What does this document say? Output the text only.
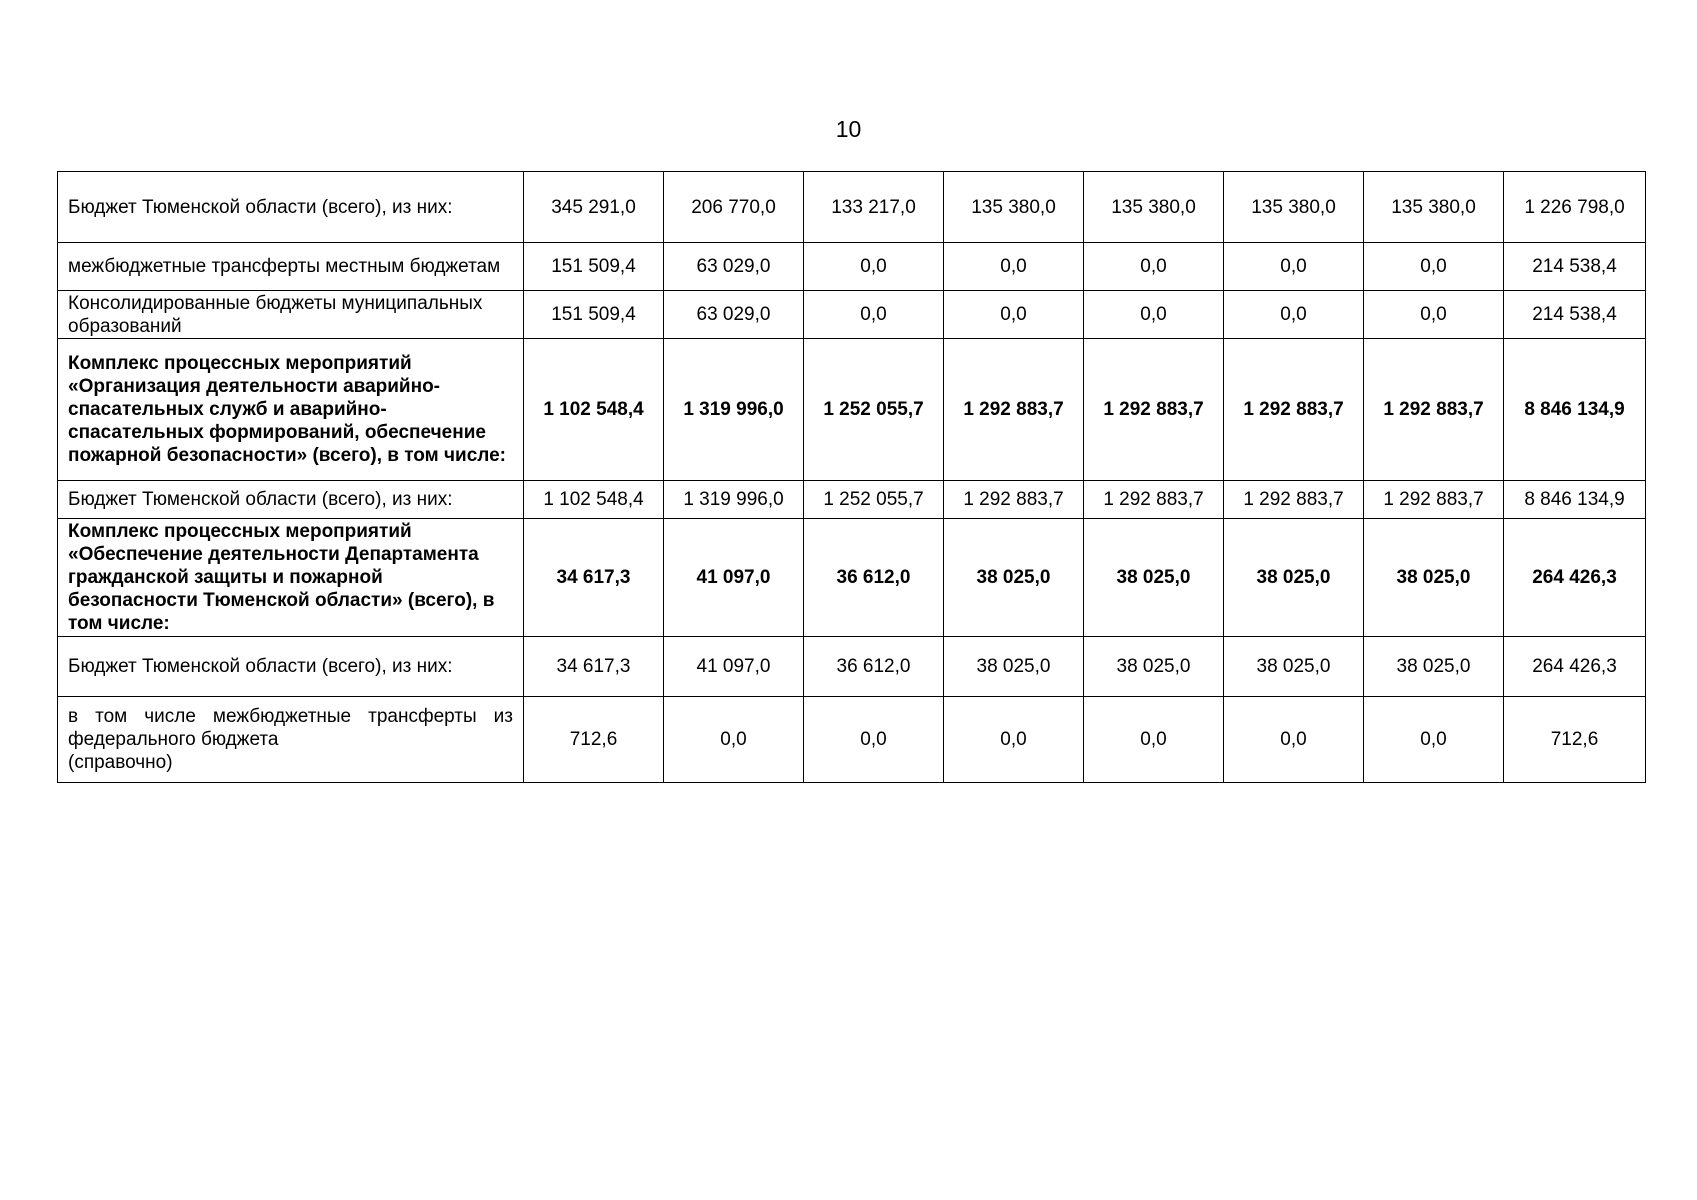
10
Бюджет Тюменской области (всего), из них:	345 291,0	206 770,0	133 217,0	135 380,0	135 380,0	135 380,0	135 380,0	1 226 798,0
межбюджетные трансферты местным бюджетам	151 509,4	63 029,0	0,0	0,0	0,0	0,0	0,0	214 538,4
Консолидированные бюджеты муниципальных образований	151 509,4	63 029,0	0,0	0,0	0,0	0,0	0,0	214 538,4
Комплекс процессных мероприятий «Организация деятельности аварийно-спасательных служб и аварийно-спасательных формирований, обеспечение пожарной безопасности» (всего), в том числе:	1 102 548,4	1 319 996,0	1 252 055,7	1 292 883,7	1 292 883,7	1 292 883,7	1 292 883,7	8 846 134,9
Бюджет Тюменской области (всего), из них:	1 102 548,4	1 319 996,0	1 252 055,7	1 292 883,7	1 292 883,7	1 292 883,7	1 292 883,7	8 846 134,9
Комплекс процессных мероприятий «Обеспечение деятельности Департамента гражданской защиты и пожарной безопасности Тюменской области» (всего), в том числе:	34 617,3	41 097,0	36 612,0	38 025,0	38 025,0	38 025,0	38 025,0	264 426,3
Бюджет Тюменской области (всего), из них:	34 617,3	41 097,0	36 612,0	38 025,0	38 025,0	38 025,0	38 025,0	264 426,3

в том числе межбюджетные трансферты из федерального бюджета
(справочно)	712,6	0,0	0,0	0,0	0,0	0,0	0,0	712,6
